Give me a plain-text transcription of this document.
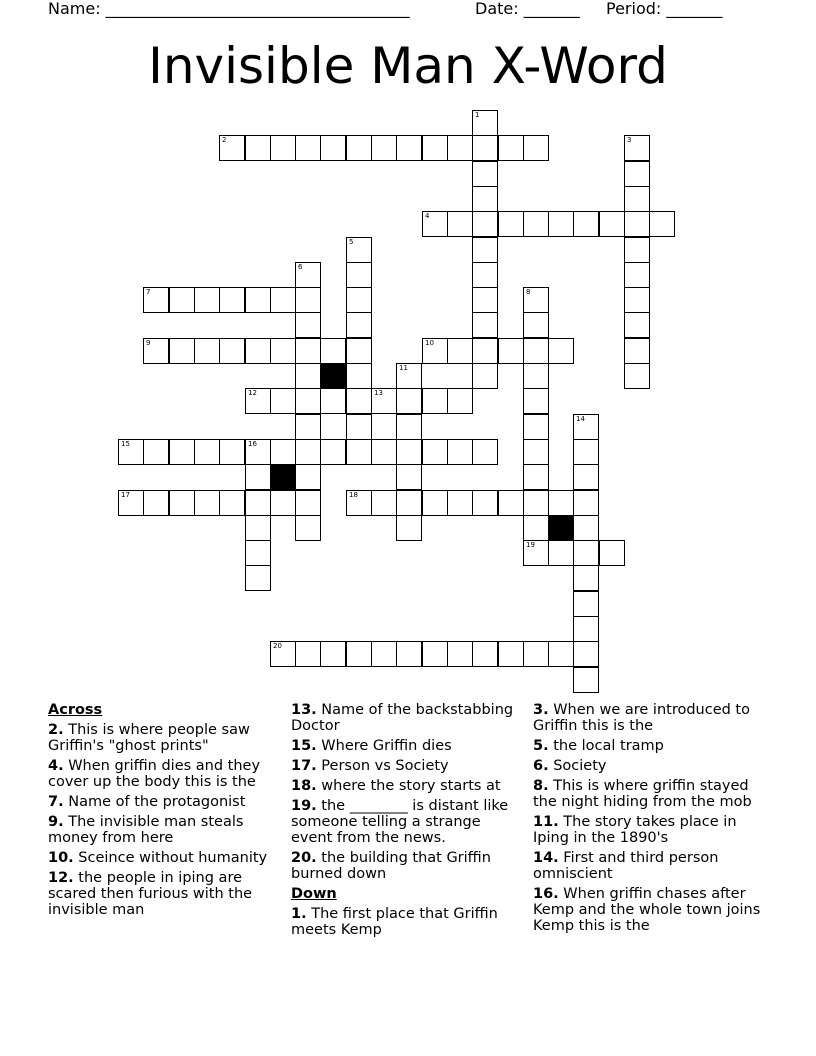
Name: ______________________________________	Date: _______ Period: _______
Invisible Man X-Word
1
2	3
4
5
6
7	8
19
9	10
11
12	13
14
15	16
17	18
20
Across
2. This is where people saw Griffin's "ghost prints"
4. When griffin dies and they cover up the body this is the
7. Name of the protagonist
9. The invisible man steals money from here
10. Sceince without humanity
12. the people in iping are scared then furious with the invisible man
13. Name of the backstabbing Doctor
15. Where Griffin dies
17. Person vs Society
18. where the story starts at
19. the ________ is distant like someone telling a strange event from the news.
20. the building that Griffin burned down
Down
1. The first place that Griffin meets Kemp
3. When we are introduced to Griffin this is the
5. the local tramp
6. Society
8. This is where griffin stayed the night hiding from the mob
11. The story takes place in Iping in the 1890's
14. First and third person omniscient
16. When griffin chases after Kemp and the whole town joins Kemp this is the
